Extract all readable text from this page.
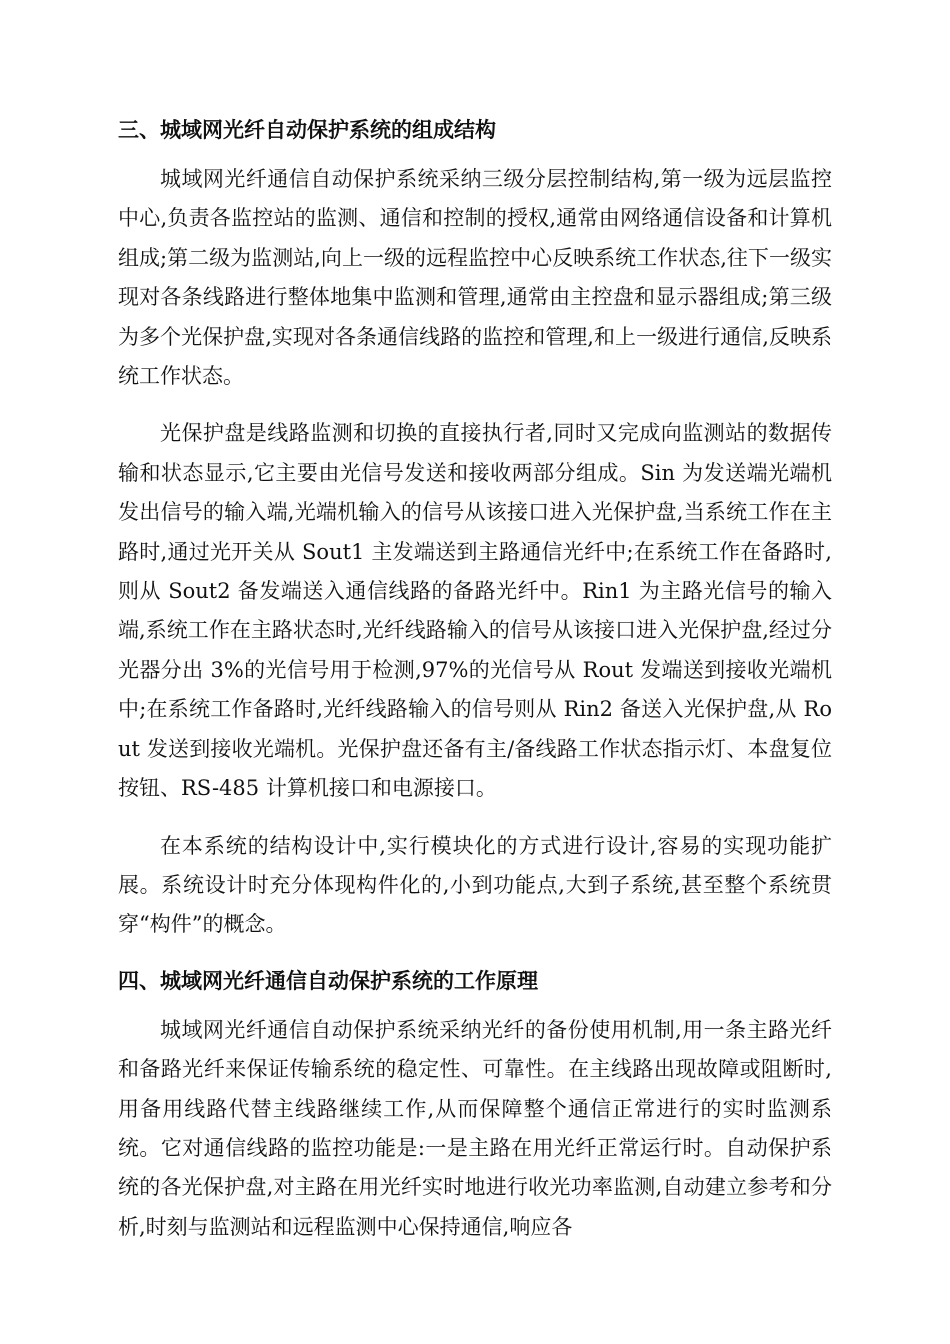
三、城域网光纤自动保护系统的组成结构

城域网光纤通信自动保护系统采纳三级分层控制结构,第一级为远层监控中心,负责各监控站的监测、通信和控制的授权,通常由网络通信设备和计算机组成;第二级为监测站,向上一级的远程监控中心反映系统工作状态,往下一级实现对各条线路进行整体地集中监测和管理,通常由主控盘和显示器组成;第三级为多个光保护盘,实现对各条通信线路的监控和管理,和上一级进行通信,反映系统工作状态。

光保护盘是线路监测和切换的直接执行者,同时又完成向监测站的数据传输和状态显示,它主要由光信号发送和接收两部分组成。Sin 为发送端光端机发出信号的输入端,光端机输入的信号从该接口进入光保护盘,当系统工作在主路时,通过光开关从 Sout1 主发端送到主路通信光纤中;在系统工作在备路时,则从 Sout2 备发端送入通信线路的备路光纤中。Rin1 为主路光信号的输入端,系统工作在主路状态时,光纤线路输入的信号从该接口进入光保护盘,经过分光器分出 3%的光信号用于检测,97%的光信号从 Rout 发端送到接收光端机中;在系统工作备路时,光纤线路输入的信号则从 Rin2 备送入光保护盘,从 Rout 发送到接收光端机。光保护盘还备有主/备线路工作状态指示灯、本盘复位按钮、RS-485 计算机接口和电源接口。

在本系统的结构设计中,实行模块化的方式进行设计,容易的实现功能扩展。系统设计时充分体现构件化的,小到功能点,大到子系统,甚至整个系统贯穿“构件”的概念。

四、城域网光纤通信自动保护系统的工作原理

城域网光纤通信自动保护系统采纳光纤的备份使用机制,用一条主路光纤和备路光纤来保证传输系统的稳定性、可靠性。在主线路出现故障或阻断时,用备用线路代替主线路继续工作,从而保障整个通信正常进行的实时监测系统。它对通信线路的监控功能是:一是主路在用光纤正常运行时。自动保护系统的各光保护盘,对主路在用光纤实时地进行收光功率监测,自动建立参考和分析,时刻与监测站和远程监测中心保持通信,响应各
